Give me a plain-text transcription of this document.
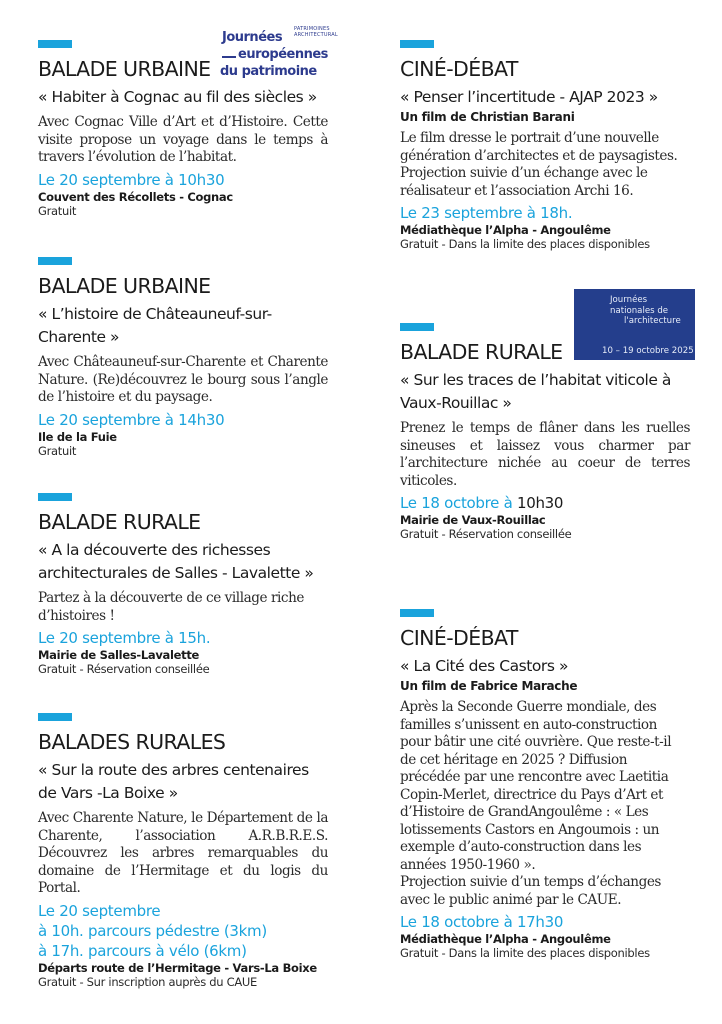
PATRIMOINES ARCHITECTURAL
Journées
européennes
du patrimoine
Journées
nationales de
l'architecture
10 – 19 octobre 2025
BALADE URBAINE
« Habiter à Cognac au fil des siècles »
Avec Cognac Ville d’Art et d’Histoire. Cette visite propose un voyage dans le temps à travers l’évolution de l’habitat.
Le 20 septembre à 10h30
Couvent des Récollets - Cognac
Gratuit
BALADE URBAINE
« L’histoire de Châteauneuf-sur-Charente »
Avec Châteauneuf-sur-Charente et Charente Nature. (Re)découvrez le bourg sous l’angle de l’histoire et du paysage.
Le 20 septembre à 14h30
Ile de la Fuie
Gratuit
BALADE RURALE
« A la découverte des richesses architecturales de Salles - Lavalette »
Partez à la découverte de ce village riche d’histoires !
Le 20 septembre à 15h.
Mairie de Salles-Lavalette
Gratuit - Réservation conseillée
BALADES RURALES
« Sur la route des arbres centenaires de Vars -La Boixe »
Avec Charente Nature, le Département de la Charente, l’association A.R.B.R.E.S. Découvrez les arbres remarquables du domaine de l’Hermitage et du logis du Portal.
Le 20 septembre
à 10h. parcours pédestre (3km)
à 17h. parcours à vélo (6km)
Départs route de l’Hermitage - Vars-La Boixe
Gratuit - Sur inscription auprès du CAUE
CINÉ-DÉBAT
« Penser l’incertitude - AJAP 2023 »
Un film de Christian Barani
Le film dresse le portrait d’une nouvelle génération d’architectes et de paysagistes. Projection suivie d’un échange avec le réalisateur et l’association Archi 16.
Le 23 septembre à 18h.
Médiathèque l’Alpha - Angoulême
Gratuit - Dans la limite des places disponibles
BALADE RURALE
« Sur les traces de l’habitat viticole à Vaux-Rouillac »
Prenez le temps de flâner dans les ruelles sineuses et laissez vous charmer par l’architecture nichée au coeur de terres viticoles.
Le 18 octobre à 10h30
Mairie de Vaux-Rouillac
Gratuit - Réservation conseillée
CINÉ-DÉBAT
« La Cité des Castors »
Un film de Fabrice Marache
Après la Seconde Guerre mondiale, des familles s’unissent en auto-construction pour bâtir une cité ouvrière. Que reste-t-il de cet héritage en 2025 ? Diffusion précédée par une rencontre avec Laetitia Copin-Merlet, directrice du Pays d’Art et d’Histoire de GrandAngoulême : « Les lotissements Castors en Angoumois : un exemple d’auto-construction dans les années 1950-1960 ».
Projection suivie d’un temps d’échanges avec le public animé par le CAUE.
Le 18 octobre à 17h30
Médiathèque l’Alpha - Angoulême
Gratuit - Dans la limite des places disponibles
